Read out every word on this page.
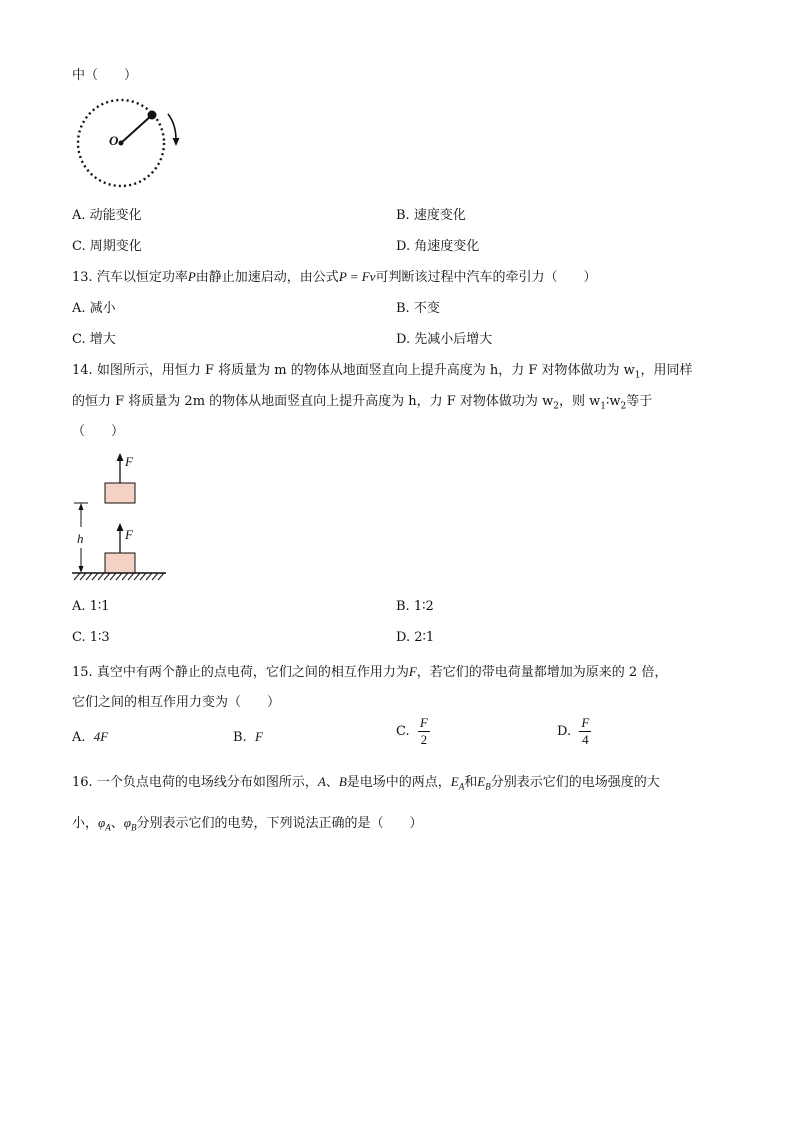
中（　　）
O
A. 动能变化	B. 速度变化
C. 周期变化	D. 角速度变化
13. 汽车以恒定功率P由静止加速启动，由公式P = Fv可判断该过程中汽车的牵引力（　　）
A. 减小	B. 不变
C. 增大	D. 先减小后增大
14. 如图所示，用恒力 F 将质量为 m 的物体从地面竖直向上提升高度为 h，力 F 对物体做功为 $w_1$，用同样
的恒力 F 将质量为 2m 的物体从地面竖直向上提升高度为 h，力 F 对物体做功为 $w_2$，则 $w_1∶w_2$等于
（　　）
F
F
h
A. 1∶1	B. 1∶2
C. 1∶3	D. 2∶1
15. 真空中有两个静止的点电荷，它们之间的相互作用力为F，若它们的带电荷量都增加为原来的 2 倍，
它们之间的相互作用力变为（　　）
A. 4F	B. F	C. $\frac{F}{2}$	D. $\frac{F}{4}$
16. 一个负点电荷的电场线分布如图所示，A、B是电场中的两点，$E_A$和$E_B$分别表示它们的电场强度的大
小，$\varphi_A$、$\varphi_B$分别表示它们的电势，下列说法正确的是（　　）
